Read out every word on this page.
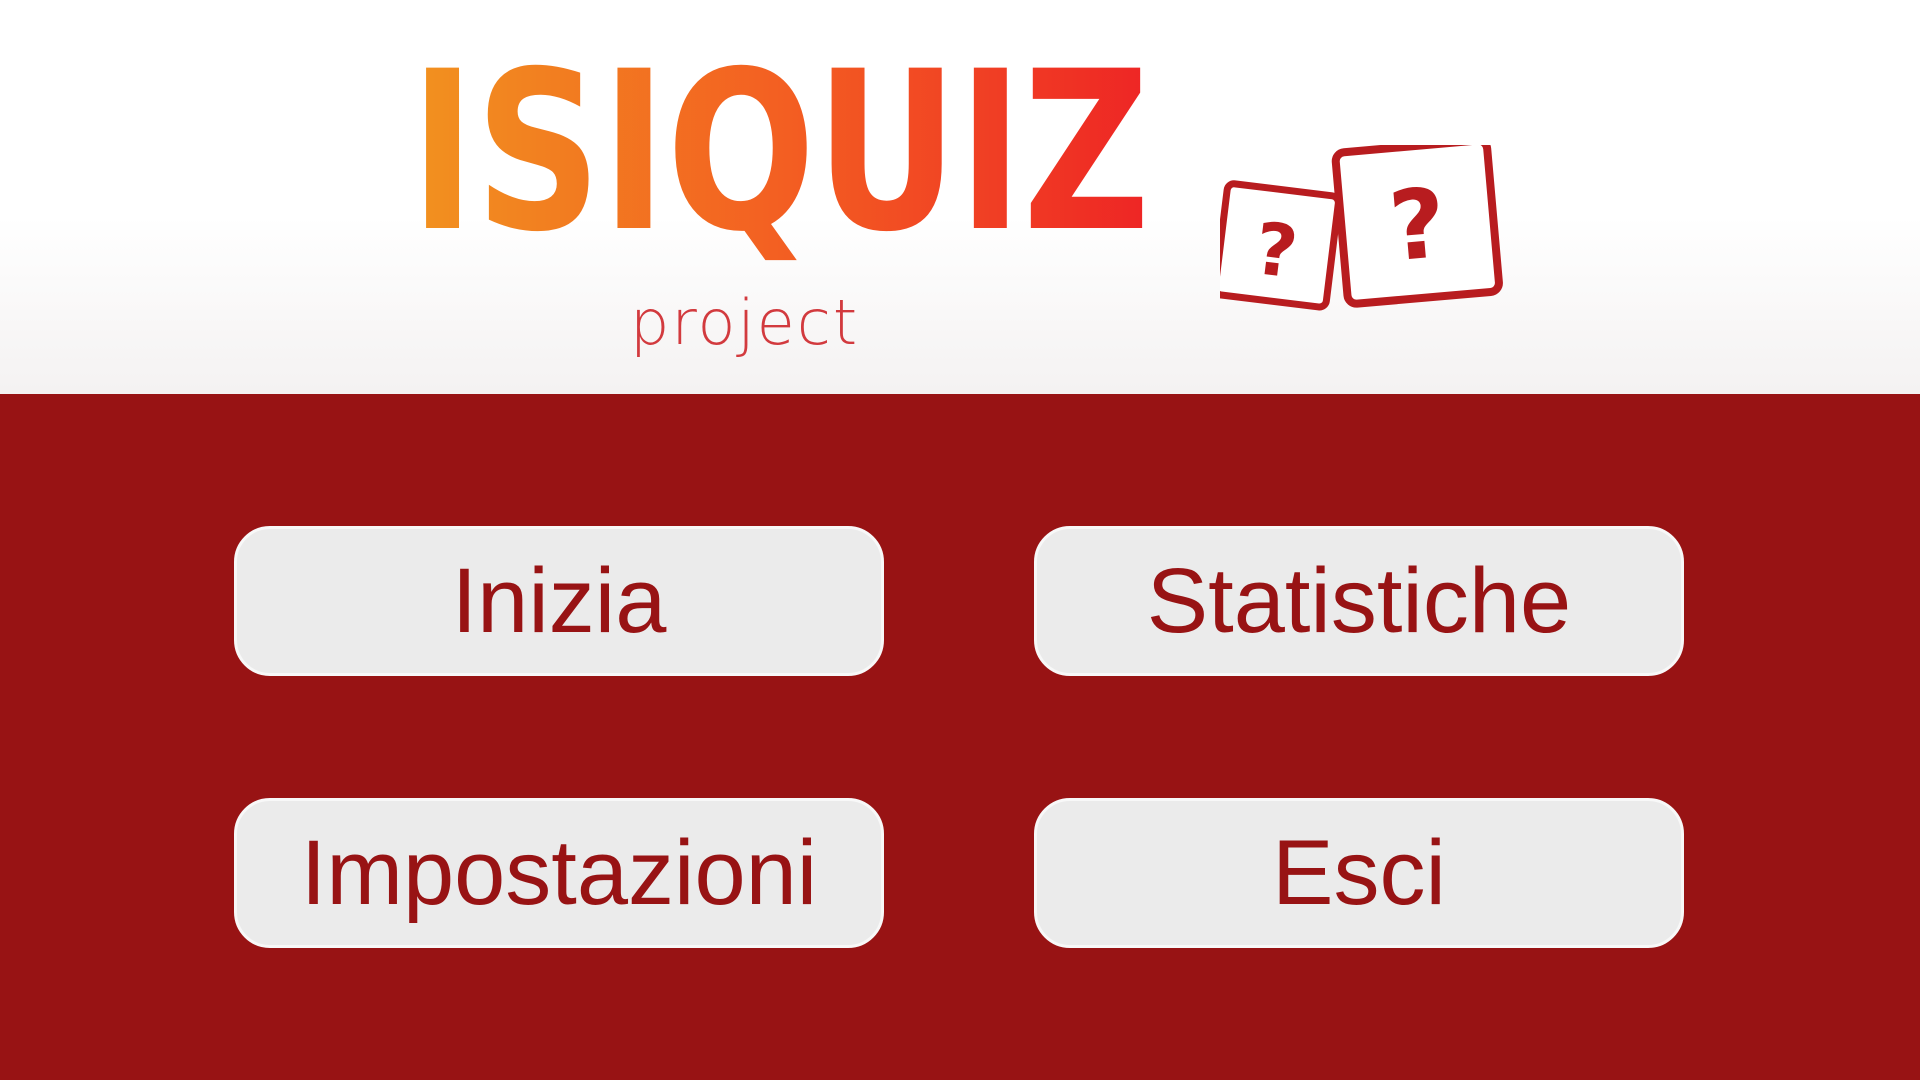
ISIQUIZ
project
? ?
Inizia	Statistiche
Impostazioni	Esci
